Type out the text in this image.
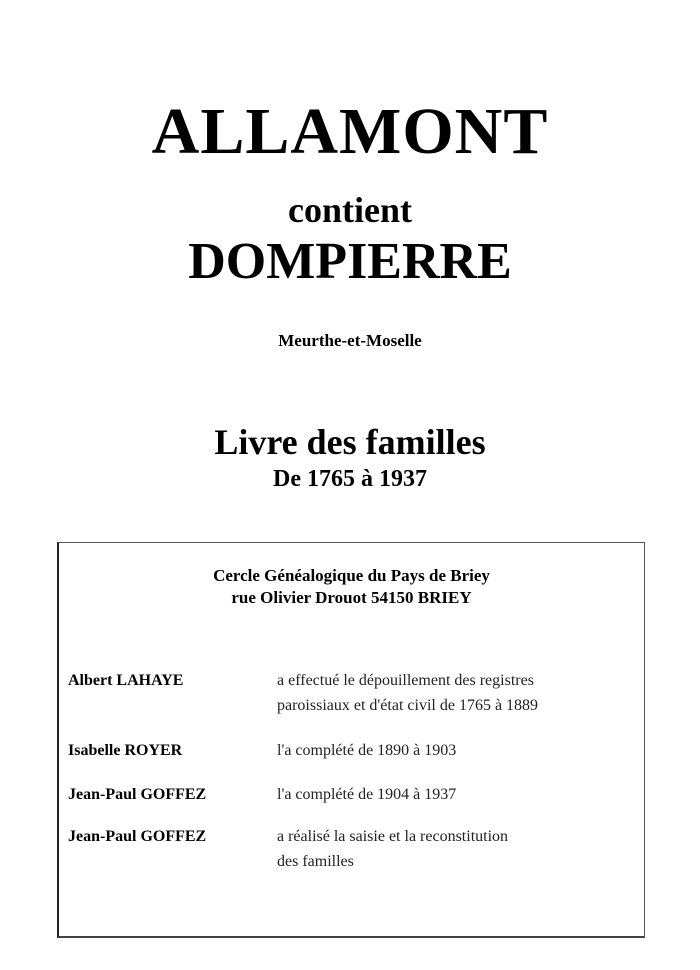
ALLAMONT
contient
DOMPIERRE
Meurthe-et-Moselle
Livre des familles
De 1765 à 1937
Cercle Généalogique du Pays de Briey
rue Olivier Drouot 54150 BRIEY
Albert LAHAYE	a effectué le dépouillement des registres
paroissiaux et d'état civil de 1765 à 1889
Isabelle ROYER	l'a complété de 1890 à 1903
Jean-Paul GOFFEZ	l'a complété de 1904 à 1937
Jean-Paul GOFFEZ	a réalisé la saisie et la reconstitution
des familles
